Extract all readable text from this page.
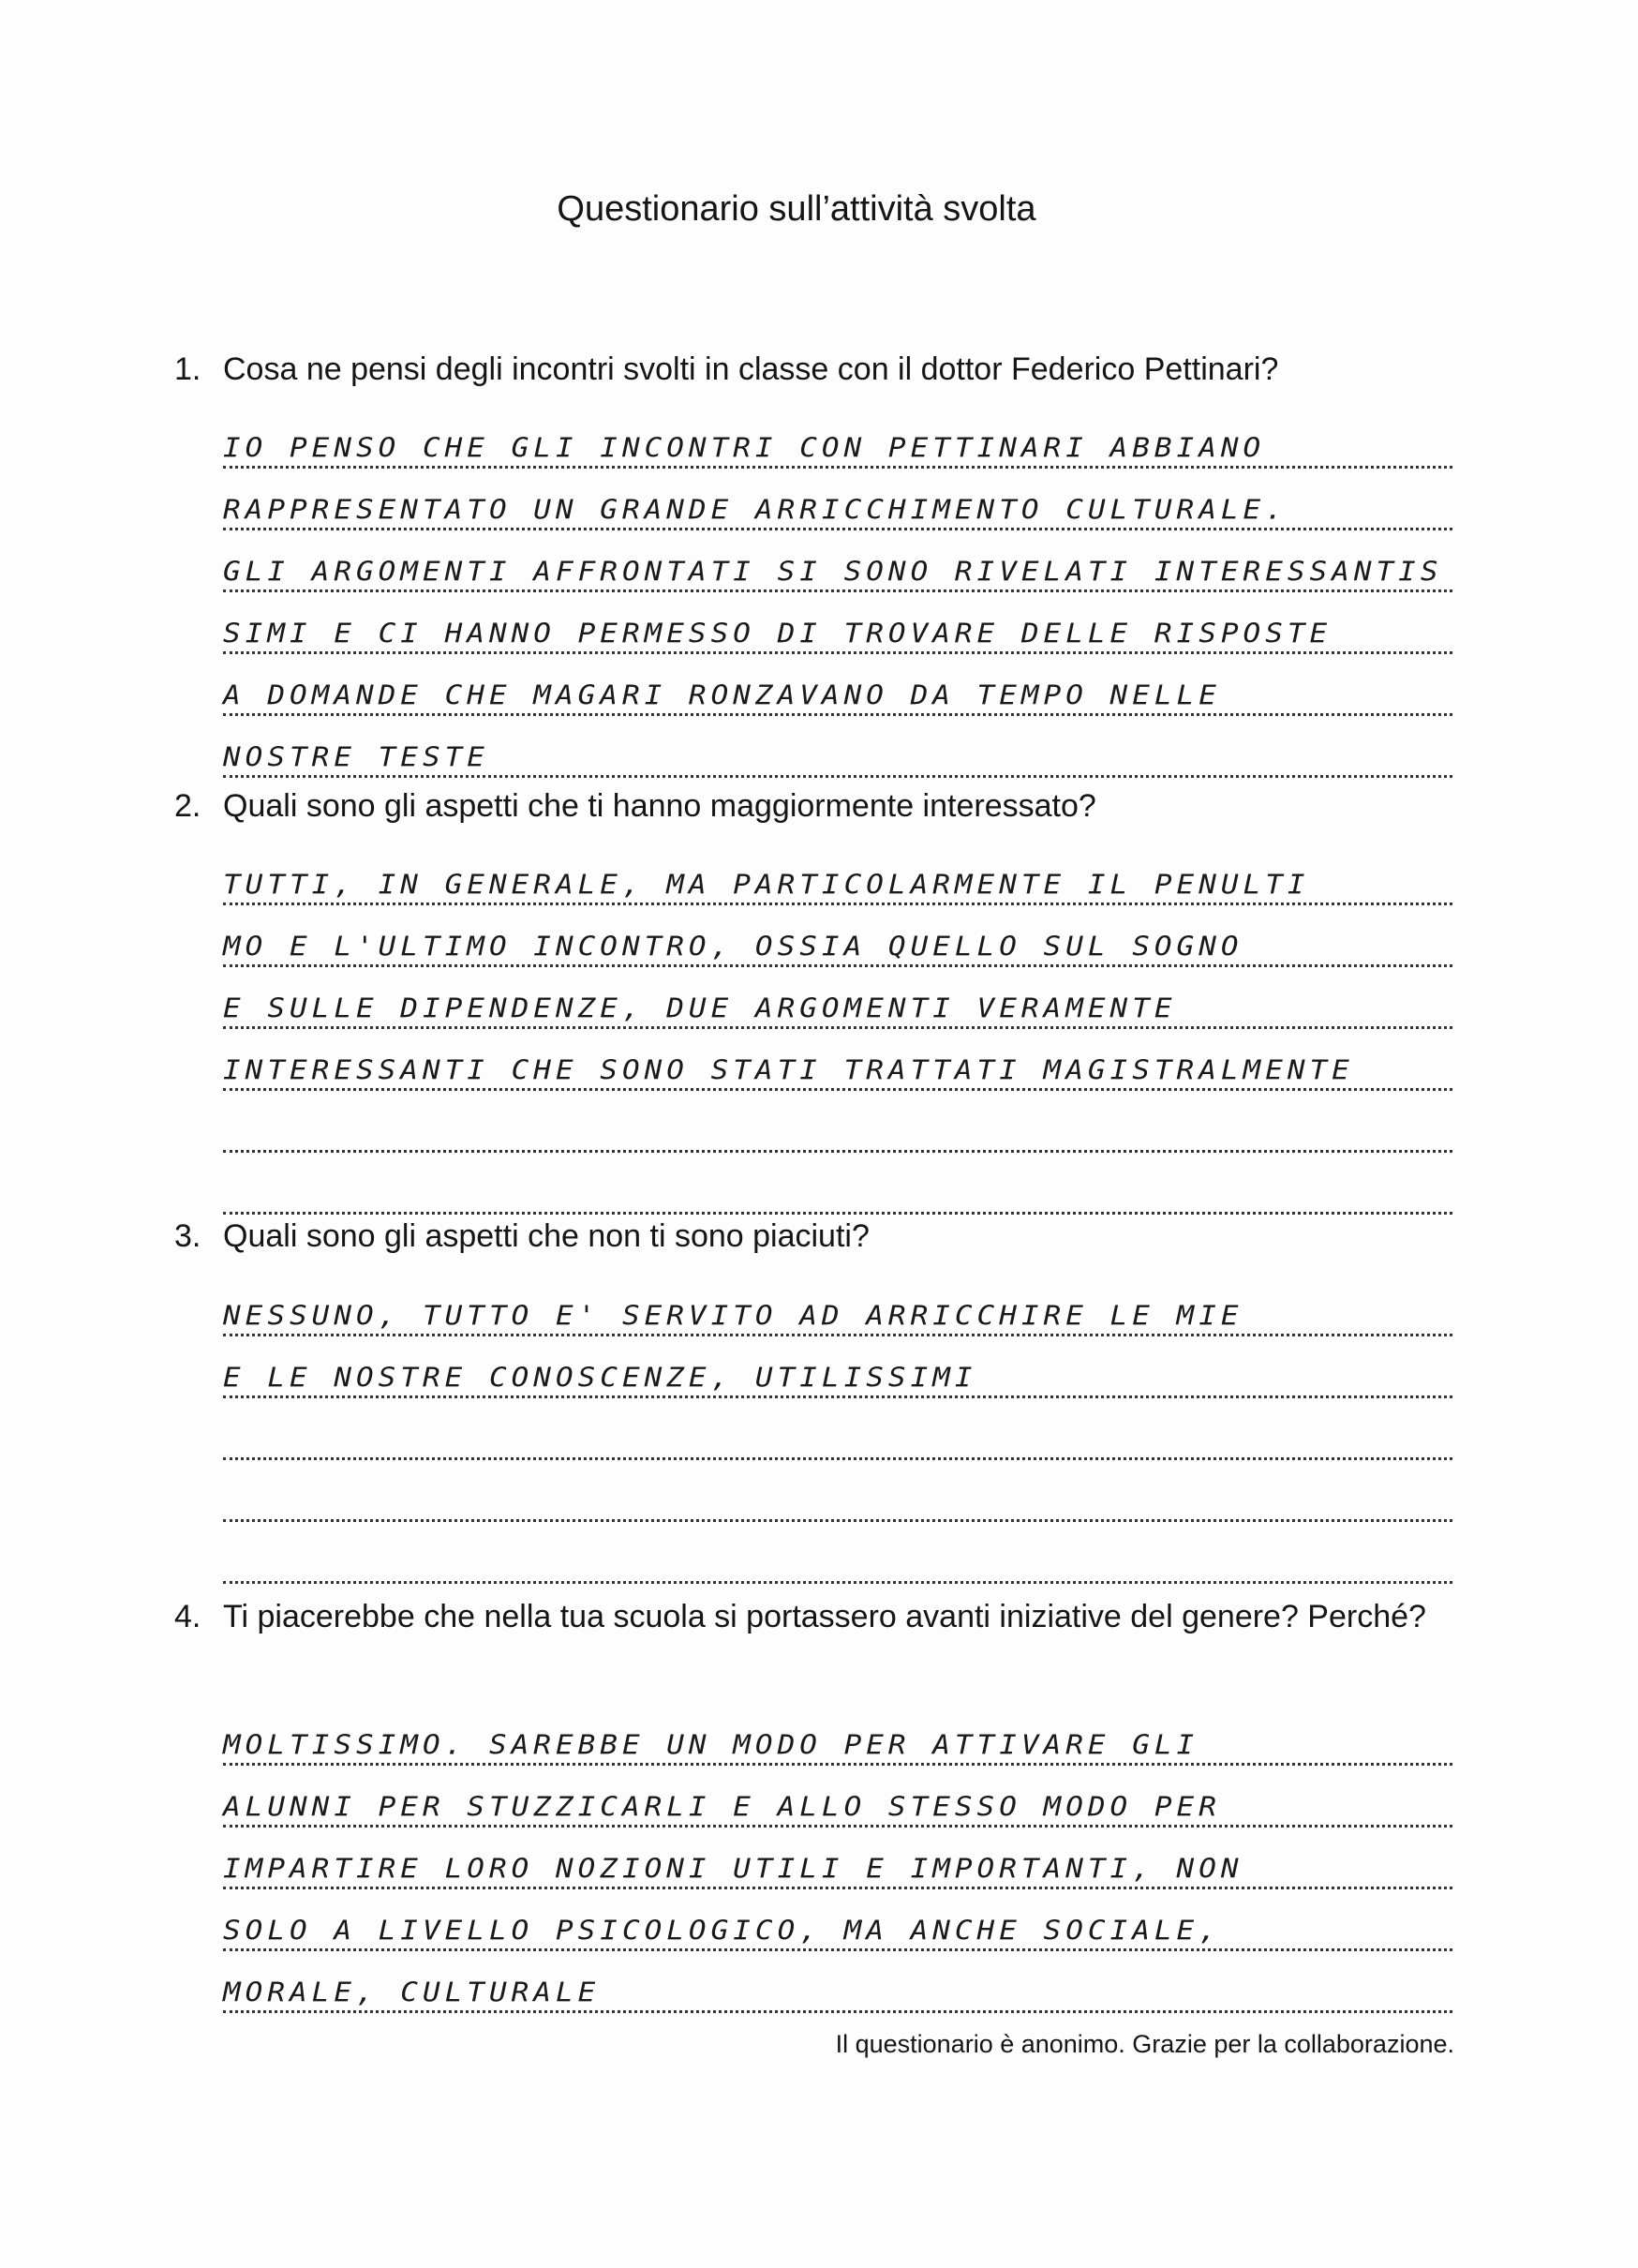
Questionario sull’attività svolta
1. Cosa ne pensi degli incontri svolti in classe con il dottor Federico Pettinari?
IO PENSO CHE GLI INCONTRI CON PETTINARI ABBIANO
RAPPRESENTATO UN GRANDE ARRICCHIMENTO CULTURALE.
GLI ARGOMENTI AFFRONTATI SI SONO RIVELATI INTERESSANTIS
SIMI E CI HANNO PERMESSO DI TROVARE DELLE RISPOSTE
A DOMANDE CHE MAGARI RONZAVANO DA TEMPO NELLE
NOSTRE TESTE
2. Quali sono gli aspetti che ti hanno maggiormente interessato?
TUTTI, IN GENERALE, MA PARTICOLARMENTE IL PENULTI
MO E L'ULTIMO INCONTRO, OSSIA QUELLO SUL SOGNO
E SULLE DIPENDENZE, DUE ARGOMENTI VERAMENTE
INTERESSANTI CHE SONO STATI TRATTATI MAGISTRALMENTE
3. Quali sono gli aspetti che non ti sono piaciuti?
NESSUNO, TUTTO E' SERVITO AD ARRICCHIRE LE MIE
E LE NOSTRE CONOSCENZE, UTILISSIMI
4. Ti piacerebbe che nella tua scuola si portassero avanti iniziative del genere? Perché?
MOLTISSIMO. SAREBBE UN MODO PER ATTIVARE GLI
ALUNNI PER STUZZICARLI E ALLO STESSO MODO PER
IMPARTIRE LORO NOZIONI UTILI E IMPORTANTI, NON
SOLO A LIVELLO PSICOLOGICO, MA ANCHE SOCIALE,
MORALE, CULTURALE
Il questionario è anonimo. Grazie per la collaborazione.
